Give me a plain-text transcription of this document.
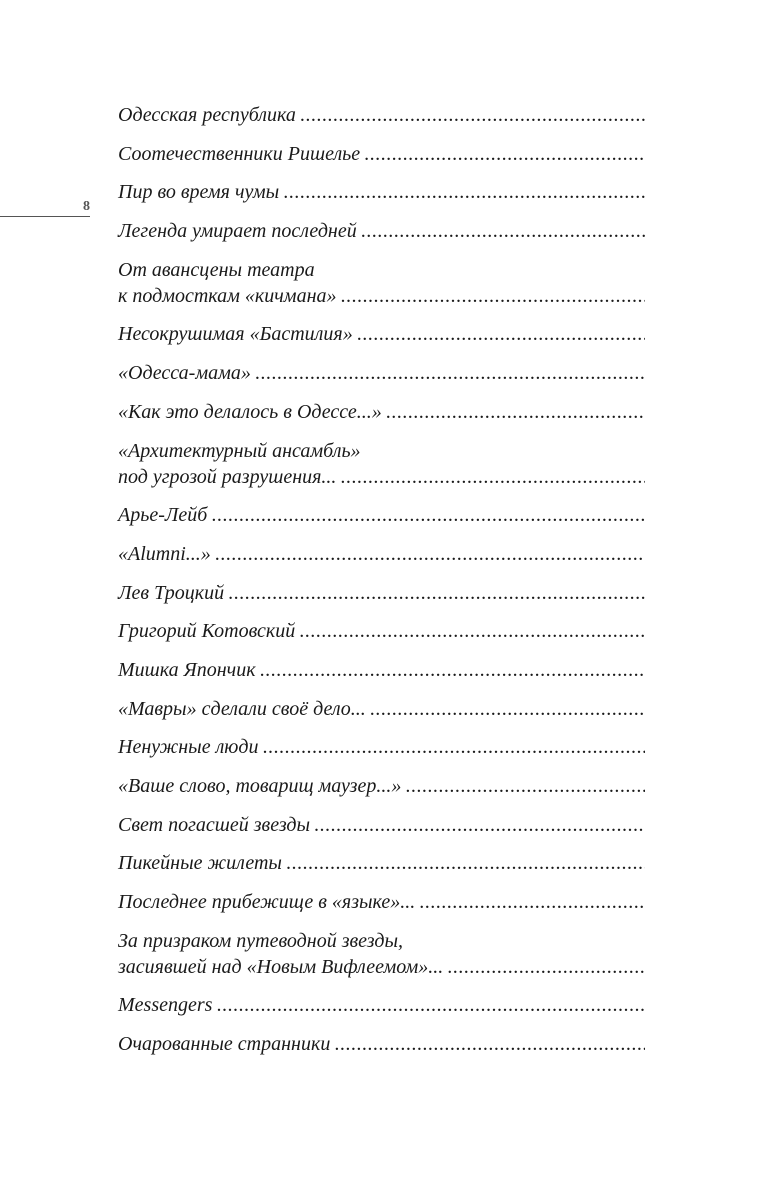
8
Одесская республика
.....
Соотечественники Ришелье
.....
Пир во время чумы
.....
Легенда умирает последней
.....
От авансцены театра
к подмосткам «кичмана»
.....
Несокрушимая «Бастилия»
.....
«Одесса-мама»
.....
«Как это делалось в Одессе...»
.....
«Архитектурный ансамбль»
под угрозой разрушения...
.....
Арье-Лейб
.....
«Alumni...»
.....
Лев Троцкий
.....
Григорий Котовский
.....
Мишка Япончик
.....
«Мавры» сделали своё дело...
.....
Ненужные люди
.....
«Ваше слово, товарищ маузер...»
.....
Свет погасшей звезды
.....
Пикейные жилеты
.....
Последнее прибежище в «языке»...
.....
За призраком путеводной звезды,
засиявшей над «Новым Вифлеемом»...
.....
Messengers
.....
Очарованные странники
.....
